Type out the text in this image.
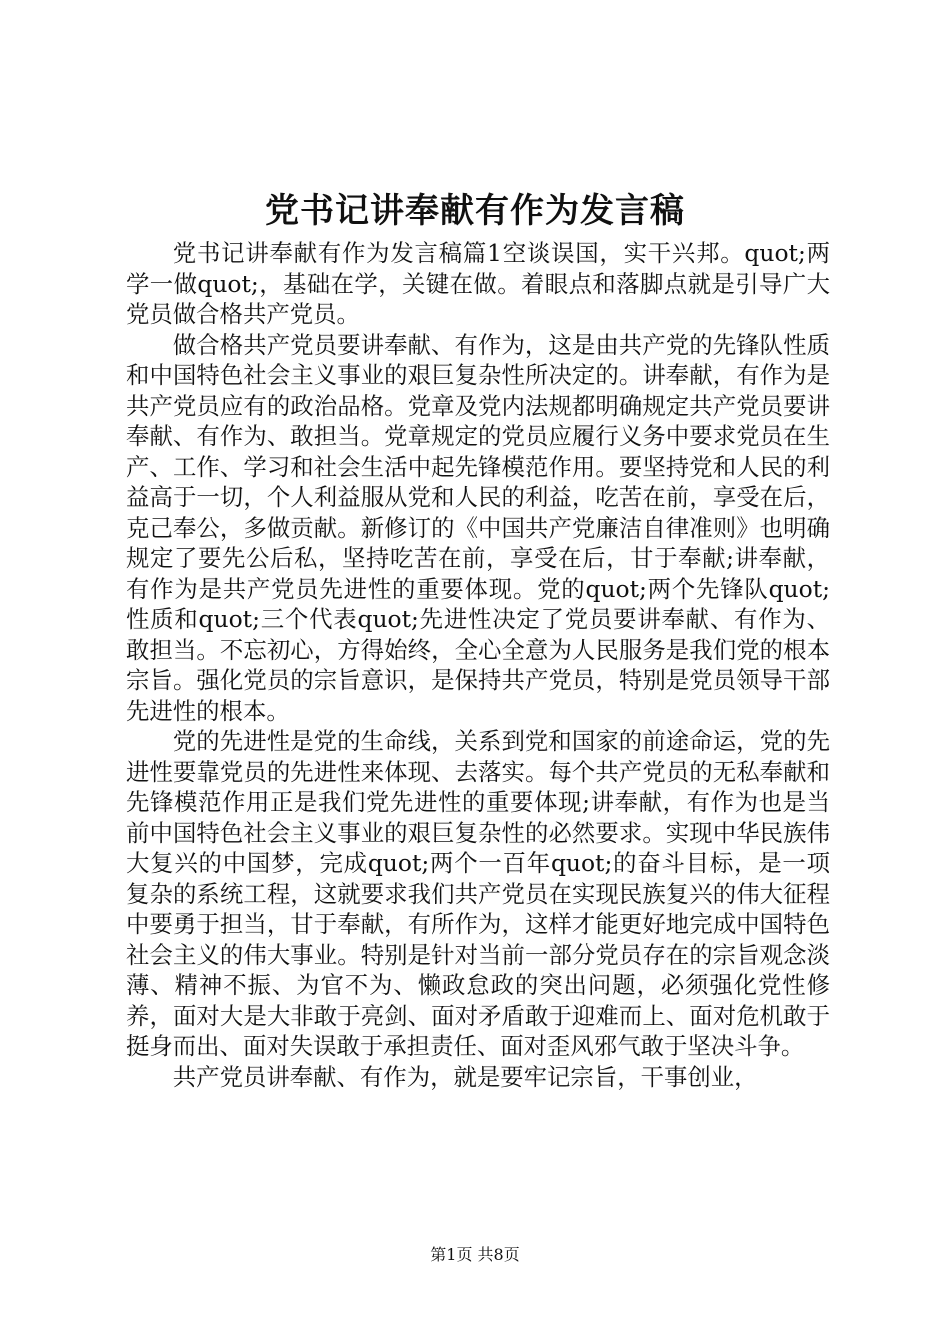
党书记讲奉献有作为发言稿

党书记讲奉献有作为发言稿篇1空谈误国，实干兴邦。quot;两学一做quot;，基础在学，关键在做。着眼点和落脚点就是引导广大党员做合格共产党员。

做合格共产党员要讲奉献、有作为，这是由共产党的先锋队性质和中国特色社会主义事业的艰巨复杂性所决定的。讲奉献，有作为是共产党员应有的政治品格。党章及党内法规都明确规定共产党员要讲奉献、有作为、敢担当。党章规定的党员应履行义务中要求党员在生产、工作、学习和社会生活中起先锋模范作用。要坚持党和人民的利益高于一切，个人利益服从党和人民的利益，吃苦在前，享受在后，克己奉公，多做贡献。新修订的《中国共产党廉洁自律准则》也明确规定了要先公后私，坚持吃苦在前，享受在后，甘于奉献;讲奉献，有作为是共产党员先进性的重要体现。党的quot;两个先锋队quot;性质和quot;三个代表quot;先进性决定了党员要讲奉献、有作为、敢担当。不忘初心，方得始终，全心全意为人民服务是我们党的根本宗旨。强化党员的宗旨意识，是保持共产党员，特别是党员领导干部先进性的根本。

党的先进性是党的生命线，关系到党和国家的前途命运，党的先进性要靠党员的先进性来体现、去落实。每个共产党员的无私奉献和先锋模范作用正是我们党先进性的重要体现;讲奉献，有作为也是当前中国特色社会主义事业的艰巨复杂性的必然要求。实现中华民族伟大复兴的中国梦，完成quot;两个一百年quot;的奋斗目标，是一项复杂的系统工程，这就要求我们共产党员在实现民族复兴的伟大征程中要勇于担当，甘于奉献，有所作为，这样才能更好地完成中国特色社会主义的伟大事业。特别是针对当前一部分党员存在的宗旨观念淡薄、精神不振、为官不为、懒政怠政的突出问题，必须强化党性修养，面对大是大非敢于亮剑、面对矛盾敢于迎难而上、面对危机敢于挺身而出、面对失误敢于承担责任、面对歪风邪气敢于坚决斗争。

共产党员讲奉献、有作为，就是要牢记宗旨，干事创业，

第1页 共8页
